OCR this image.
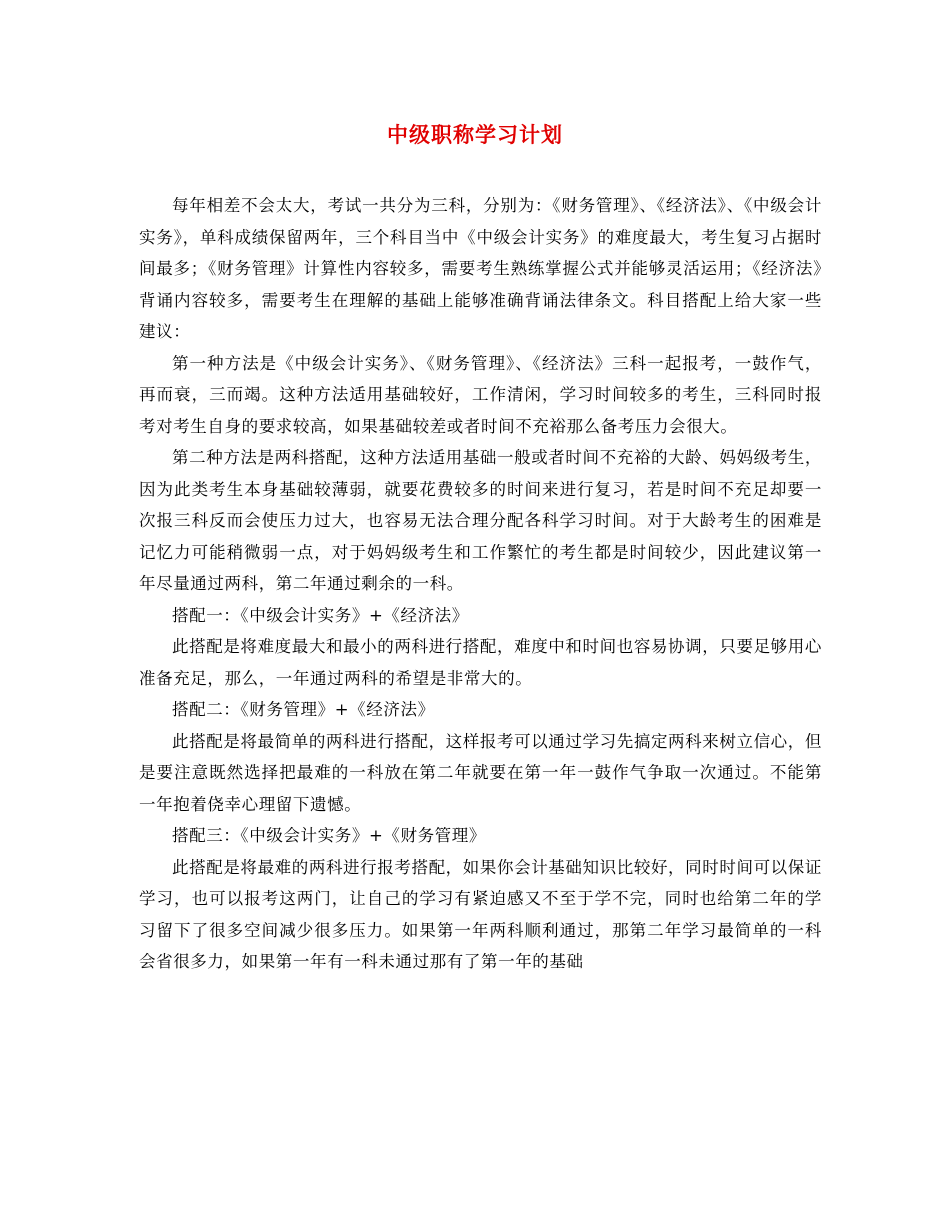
中级职称学习计划

每年相差不会太大，考试一共分为三科，分别为：《财务管理》、《经济法》、《中级会计实务》，单科成绩保留两年，三个科目当中《中级会计实务》的难度最大，考生复习占据时间最多；《财务管理》计算性内容较多，需要考生熟练掌握公式并能够灵活运用；《经济法》背诵内容较多，需要考生在理解的基础上能够准确背诵法律条文。科目搭配上给大家一些建议：

第一种方法是《中级会计实务》、《财务管理》、《经济法》三科一起报考，一鼓作气，再而衰，三而竭。这种方法适用基础较好，工作清闲，学习时间较多的考生，三科同时报考对考生自身的要求较高，如果基础较差或者时间不充裕那么备考压力会很大。

第二种方法是两科搭配，这种方法适用基础一般或者时间不充裕的大龄、妈妈级考生，因为此类考生本身基础较薄弱，就要花费较多的时间来进行复习，若是时间不充足却要一次报三科反而会使压力过大，也容易无法合理分配各科学习时间。对于大龄考生的困难是记忆力可能稍微弱一点，对于妈妈级考生和工作繁忙的考生都是时间较少，因此建议第一年尽量通过两科，第二年通过剩余的一科。

搭配一：《中级会计实务》+《经济法》

此搭配是将难度最大和最小的两科进行搭配，难度中和时间也容易协调，只要足够用心准备充足，那么，一年通过两科的希望是非常大的。

搭配二：《财务管理》+《经济法》

此搭配是将最简单的两科进行搭配，这样报考可以通过学习先搞定两科来树立信心，但是要注意既然选择把最难的一科放在第二年就要在第一年一鼓作气争取一次通过。不能第一年抱着侥幸心理留下遗憾。

搭配三：《中级会计实务》+《财务管理》

此搭配是将最难的两科进行报考搭配，如果你会计基础知识比较好，同时时间可以保证学习，也可以报考这两门，让自己的学习有紧迫感又不至于学不完，同时也给第二年的学习留下了很多空间减少很多压力。如果第一年两科顺利通过，那第二年学习最简单的一科会省很多力，如果第一年有一科未通过那有了第一年的基础
